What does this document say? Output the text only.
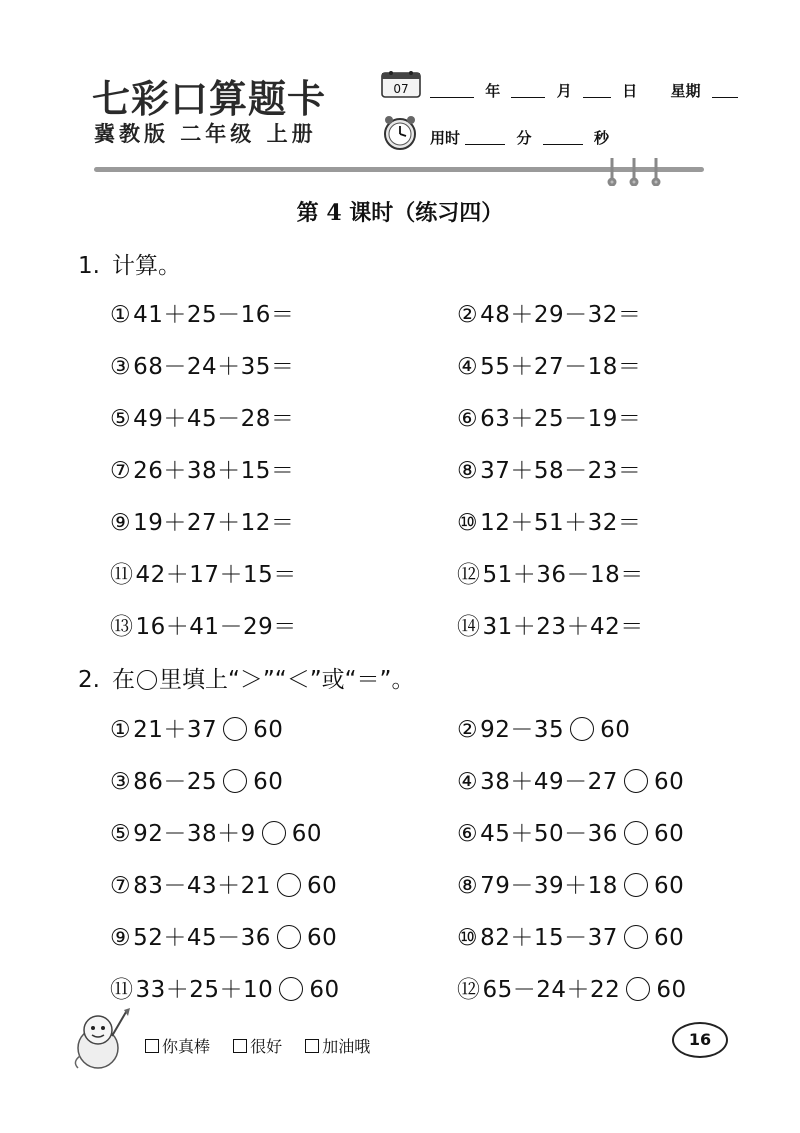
七彩口算题卡
冀教版 二年级 上册
07	年	月	日 星期
用时	分	秒
第 4 课时（练习四）
1. 计算。
①41＋25－16＝	②48＋29－32＝
③68－24＋35＝	④55＋27－18＝
⑤49＋45－28＝	⑥63＋25－19＝
⑦26＋38＋15＝	⑧37＋58－23＝
⑨19＋27＋12＝	⑩12＋51＋32＝
⑪42＋17＋15＝	⑫51＋36－18＝
⑬16＋41－29＝	⑭31＋23＋42＝
2. 在 里填上“＞”“＜”或“＝”。
①21＋37 60	②92－35 60
③86－25 60	④38＋49－27 60
⑤92－38＋9 60	⑥45＋50－36 60
⑦83－43＋21 60	⑧79－39＋18 60
⑨52＋45－36 60	⑩82＋15－37 60
⑪33＋25＋10 60	⑫65－24＋22 60
你真棒	很好	加油哦	16
